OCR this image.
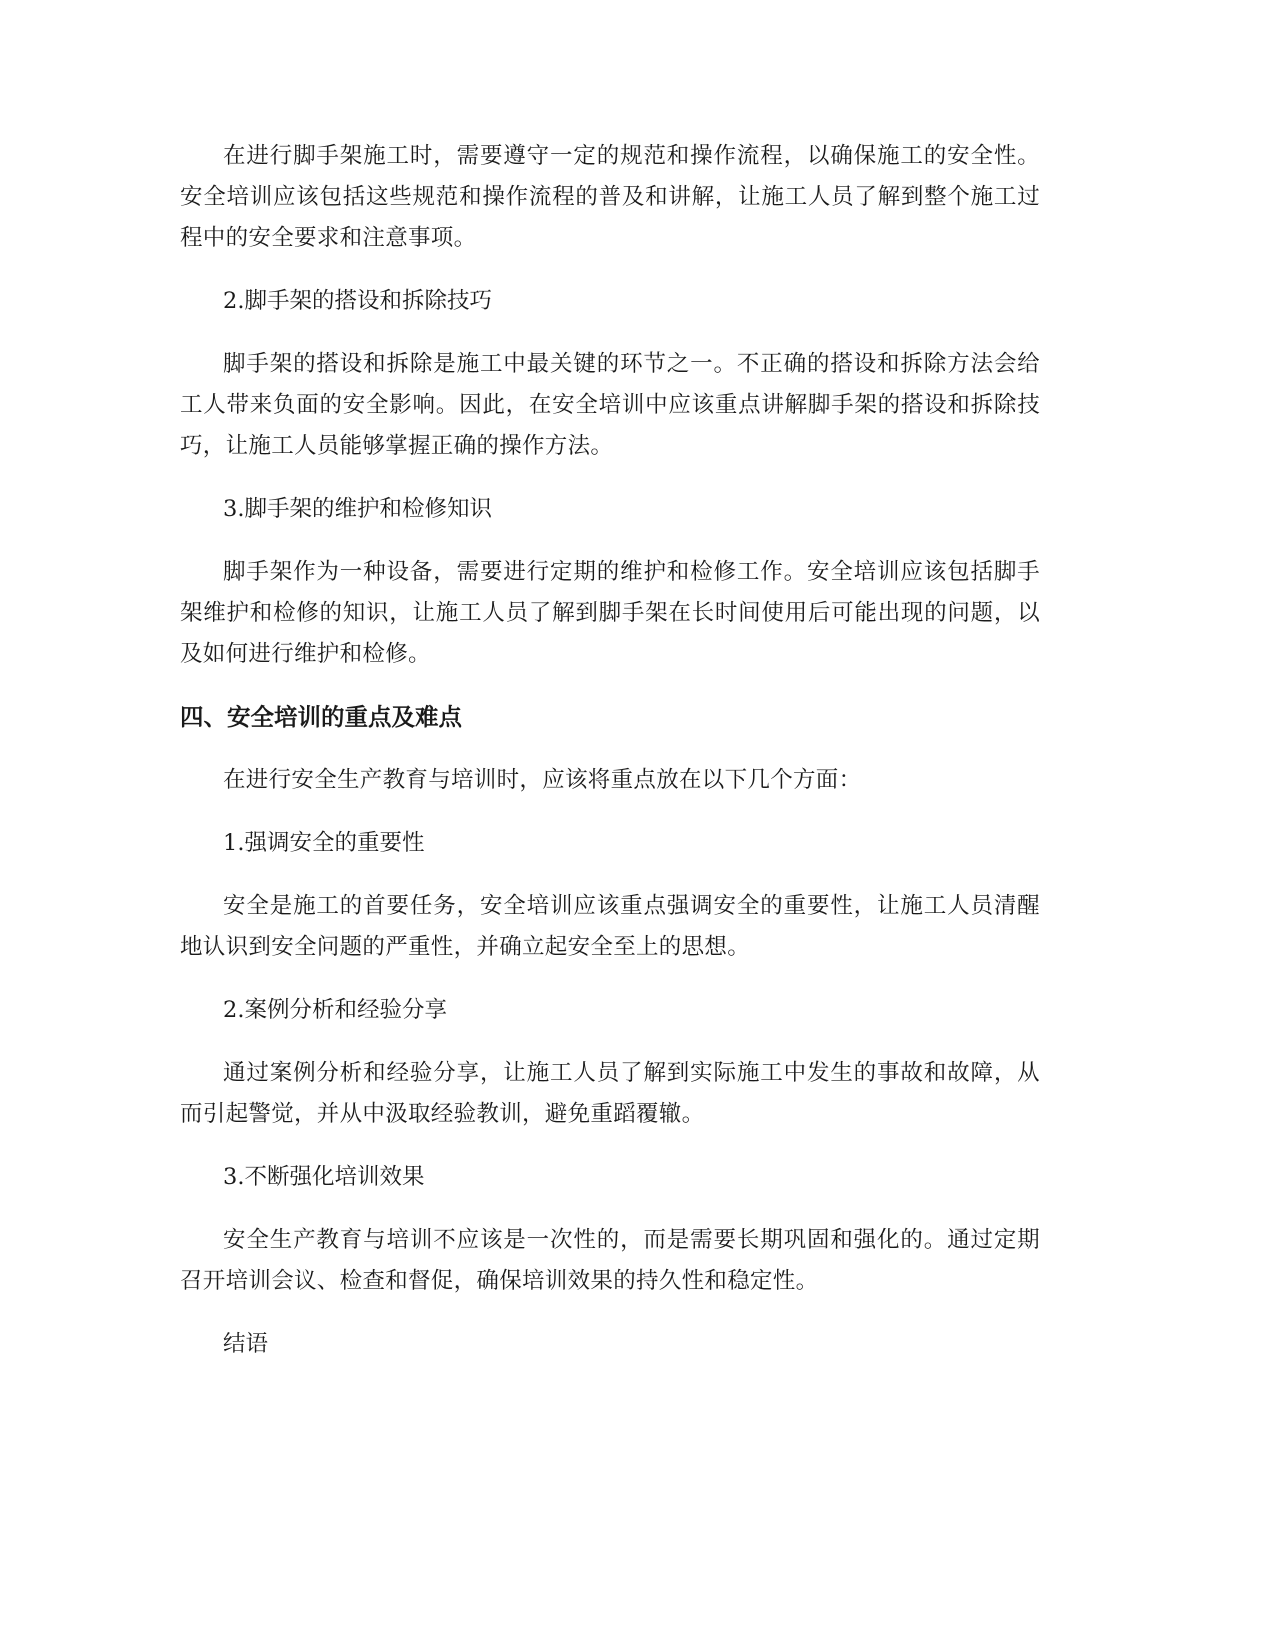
在进行脚手架施工时，需要遵守一定的规范和操作流程，以确保施工的安全性。安全培训应该包括这些规范和操作流程的普及和讲解，让施工人员了解到整个施工过程中的安全要求和注意事项。

2.脚手架的搭设和拆除技巧

脚手架的搭设和拆除是施工中最关键的环节之一。不正确的搭设和拆除方法会给工人带来负面的安全影响。因此，在安全培训中应该重点讲解脚手架的搭设和拆除技巧，让施工人员能够掌握正确的操作方法。

3.脚手架的维护和检修知识

脚手架作为一种设备，需要进行定期的维护和检修工作。安全培训应该包括脚手架维护和检修的知识，让施工人员了解到脚手架在长时间使用后可能出现的问题，以及如何进行维护和检修。

四、安全培训的重点及难点

在进行安全生产教育与培训时，应该将重点放在以下几个方面：

1.强调安全的重要性

安全是施工的首要任务，安全培训应该重点强调安全的重要性，让施工人员清醒地认识到安全问题的严重性，并确立起安全至上的思想。

2.案例分析和经验分享

通过案例分析和经验分享，让施工人员了解到实际施工中发生的事故和故障，从而引起警觉，并从中汲取经验教训，避免重蹈覆辙。

3.不断强化培训效果

安全生产教育与培训不应该是一次性的，而是需要长期巩固和强化的。通过定期召开培训会议、检查和督促，确保培训效果的持久性和稳定性。

结语
